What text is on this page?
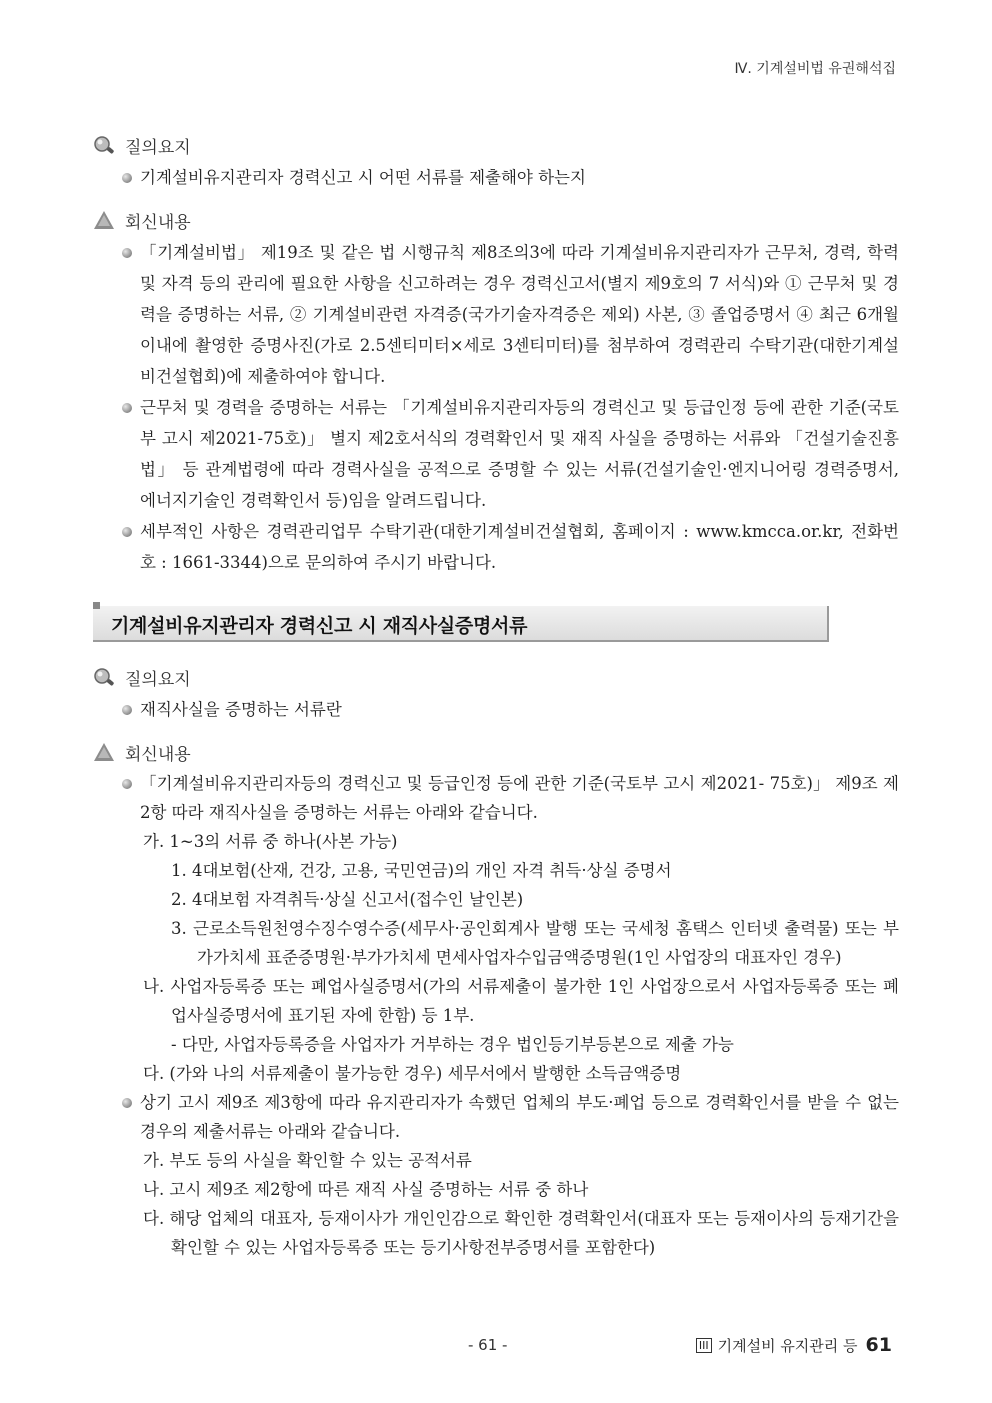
Ⅳ. 기계설비법 유권해석집
질의요지
기계설비유지관리자 경력신고 시 어떤 서류를 제출해야 하는지
회신내용
「기계설비법」 제19조 및 같은 법 시행규칙 제8조의3에 따라 기계설비유지관리자가 근무처, 경력, 학력 및 자격 등의 관리에 필요한 사항을 신고하려는 경우 경력신고서(별지 제9호의 7 서식)와 ① 근무처 및 경력을 증명하는 서류, ② 기계설비관련 자격증(국가기술자격증은 제외) 사본, ③ 졸업증명서 ④ 최근 6개월 이내에 촬영한 증명사진(가로 2.5센티미터×세로 3센티미터)를 첨부하여 경력관리 수탁기관(대한기계설비건설협회)에 제출하여야 합니다.
근무처 및 경력을 증명하는 서류는 「기계설비유지관리자등의 경력신고 및 등급인정 등에 관한 기준(국토부 고시 제2021-75호)」 별지 제2호서식의 경력확인서 및 재직 사실을 증명하는 서류와 「건설기술진흥법」 등 관계법령에 따라 경력사실을 공적으로 증명할 수 있는 서류(건설기술인·엔지니어링 경력증명서, 에너지기술인 경력확인서 등)임을 알려드립니다.
세부적인 사항은 경력관리업무 수탁기관(대한기계설비건설협회, 홈페이지 : www.kmcca.or.kr, 전화번호 : 1661-3344)으로 문의하여 주시기 바랍니다.
기계설비유지관리자 경력신고 시 재직사실증명서류
질의요지
재직사실을 증명하는 서류란
회신내용
「기계설비유지관리자등의 경력신고 및 등급인정 등에 관한 기준(국토부 고시 제2021- 75호)」 제9조 제2항 따라 재직사실을 증명하는 서류는 아래와 같습니다.
가. 1~3의 서류 중 하나(사본 가능)
1. 4대보험(산재, 건강, 고용, 국민연금)의 개인 자격 취득·상실 증명서
2. 4대보험 자격취득·상실 신고서(접수인 날인본)
3. 근로소득원천영수징수영수증(세무사·공인회계사 발행 또는 국세청 홈택스 인터넷 출력물) 또는 부가가치세 표준증명원·부가가치세 면세사업자수입금액증명원(1인 사업장의 대표자인 경우)
나. 사업자등록증 또는 폐업사실증명서(가의 서류제출이 불가한 1인 사업장으로서 사업자등록증 또는 폐업사실증명서에 표기된 자에 한함) 등 1부.
- 다만, 사업자등록증을 사업자가 거부하는 경우 법인등기부등본으로 제출 가능
다. (가와 나의 서류제출이 불가능한 경우) 세무서에서 발행한 소득금액증명
상기 고시 제9조 제3항에 따라 유지관리자가 속했던 업체의 부도·폐업 등으로 경력확인서를 받을 수 없는 경우의 제출서류는 아래와 같습니다.
가. 부도 등의 사실을 확인할 수 있는 공적서류
나. 고시 제9조 제2항에 따른 재직 사실 증명하는 서류 중 하나
다. 해당 업체의 대표자, 등재이사가 개인인감으로 확인한 경력확인서(대표자 또는 등재이사의 등재기간을 확인할 수 있는 사업자등록증 또는 등기사항전부증명서를 포함한다)
- 61 -	III 기계설비 유지관리 등 61
